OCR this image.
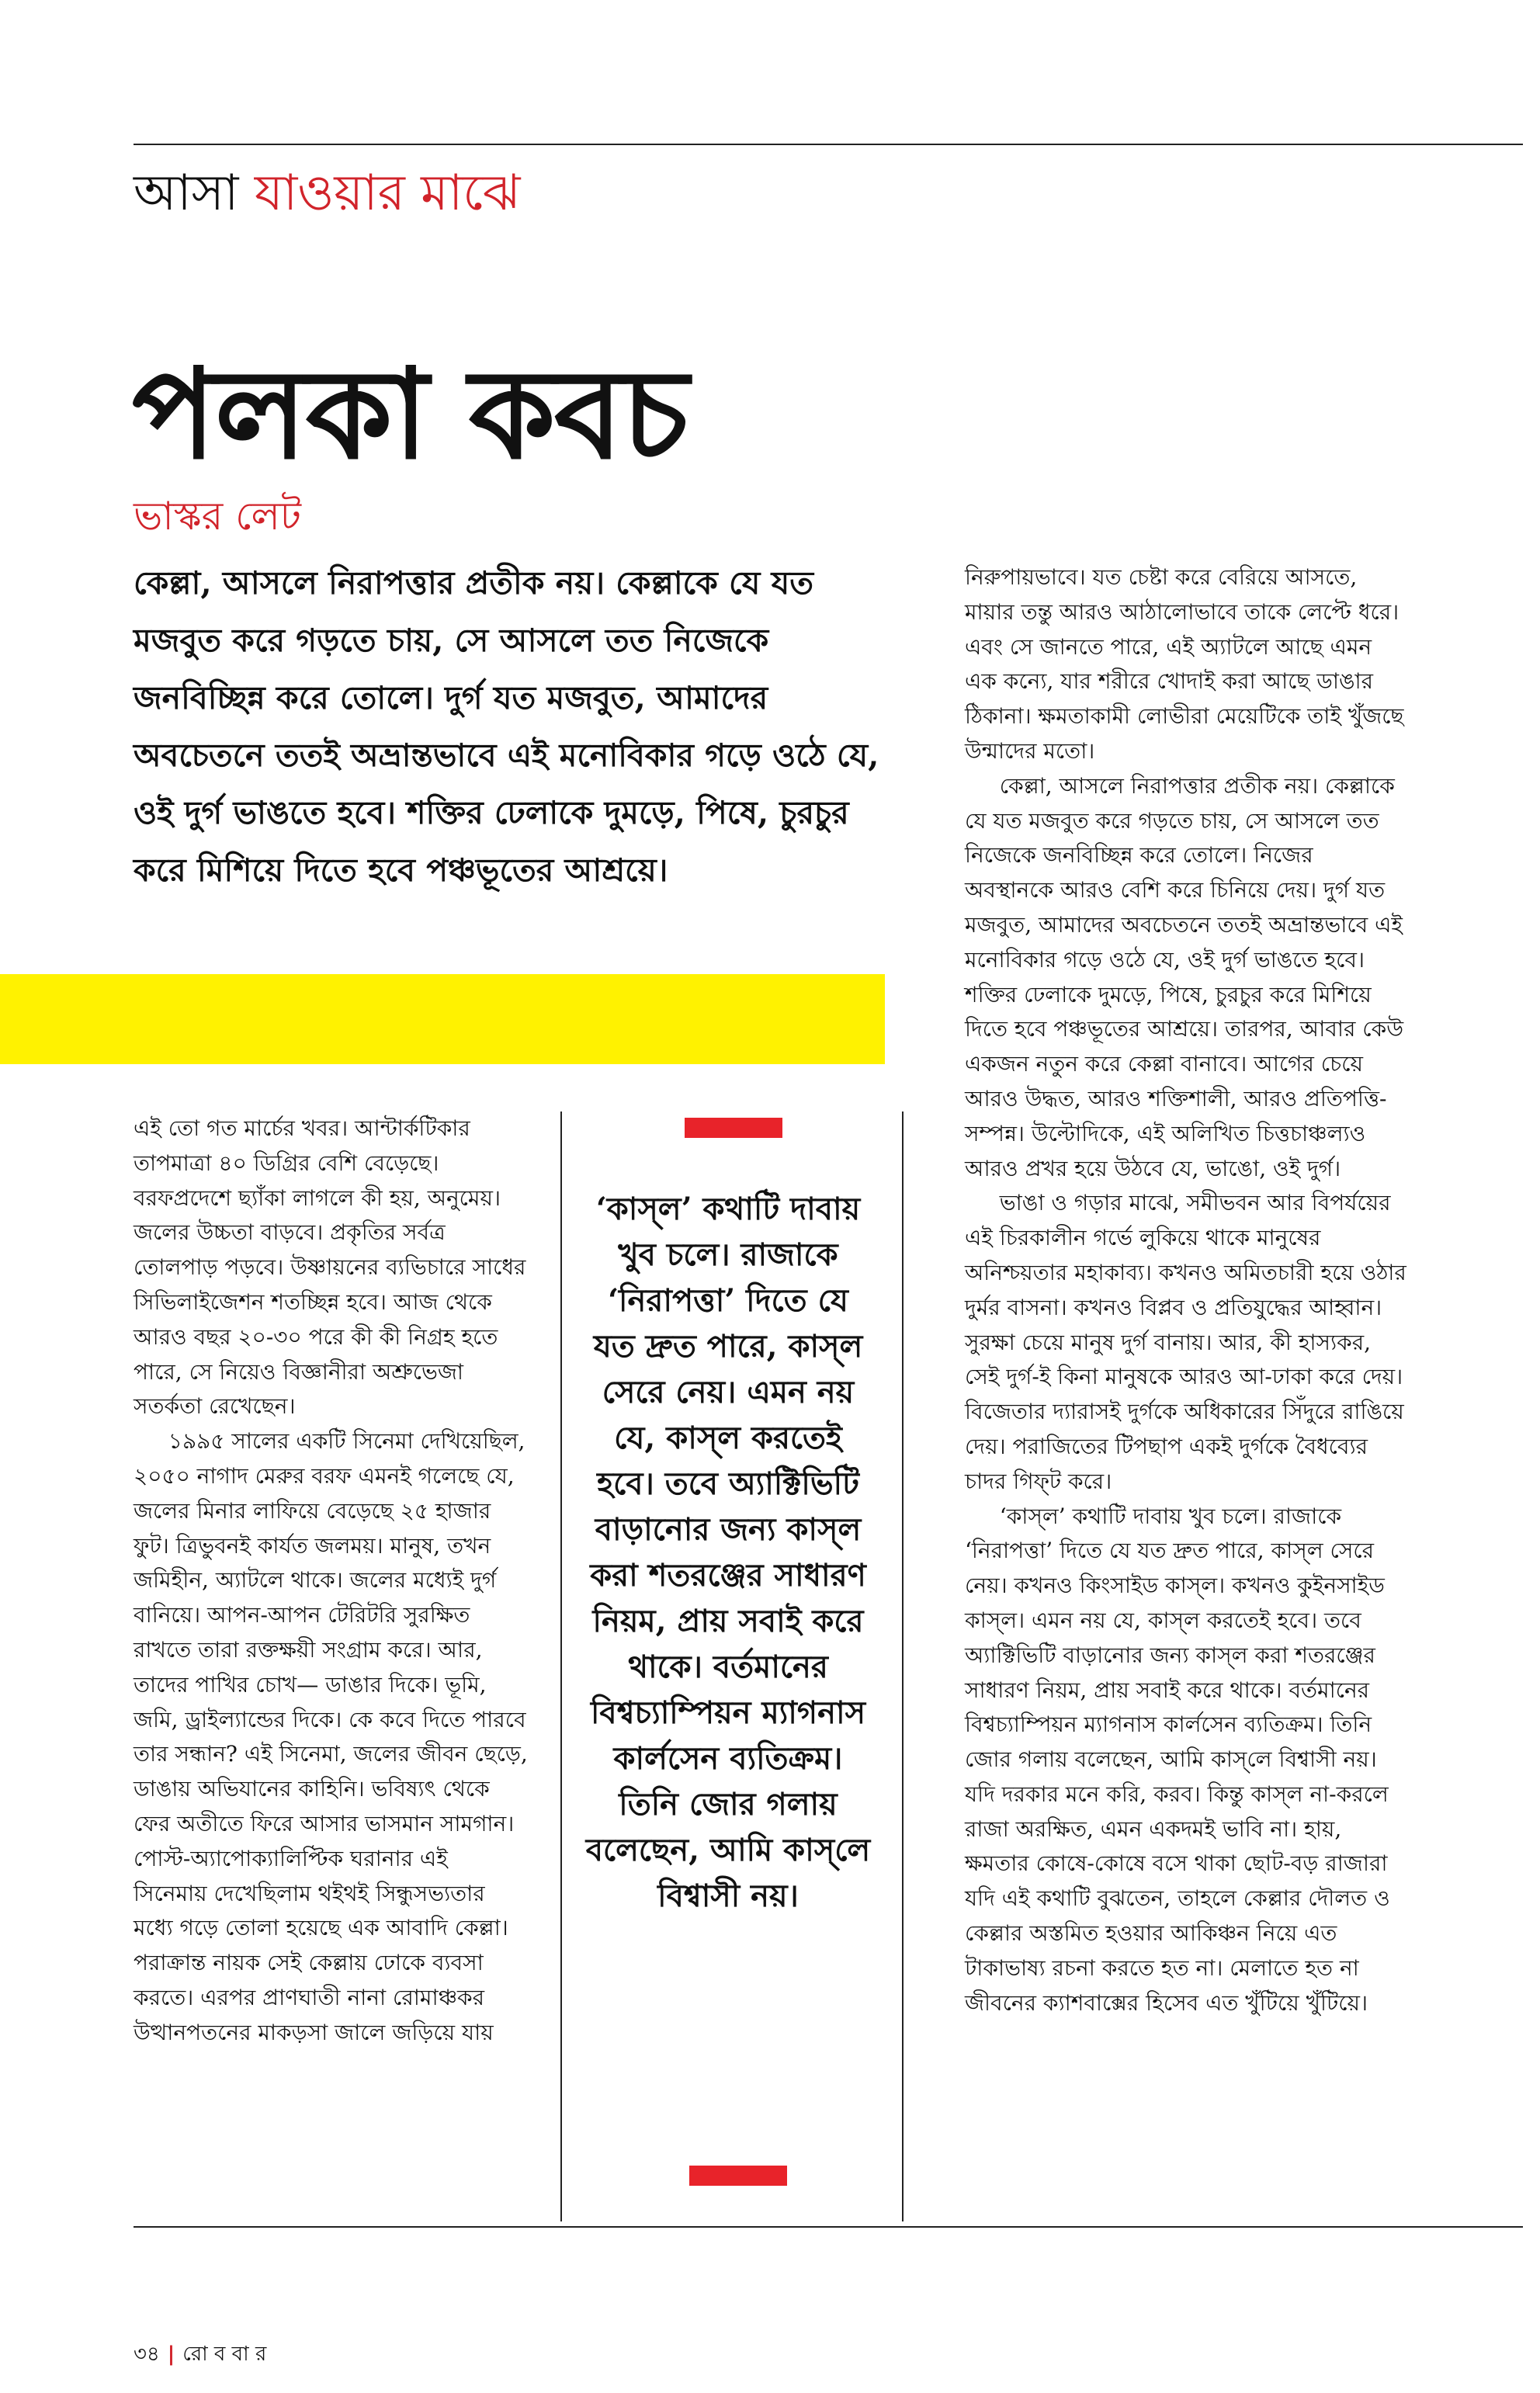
আসা যাওয়ার মাঝে
পলকা কবচ
ভাস্কর লেট

কেল্লা, আসলে নিরাপত্তার প্রতীক নয়। কেল্লাকে যে যত মজবুত করে গড়তে চায়, সে আসলে তত নিজেকে জনবিচ্ছিন্ন করে তোলে। দুর্গ যত মজবুত, আমাদের অবচেতনে ততই অভ্রান্তভাবে এই মনোবিকার গড়ে ওঠে যে, ওই দুর্গ ভাঙতে হবে। শক্তির ঢেলাকে দুমড়ে, পিষে, চুরচুর করে মিশিয়ে দিতে হবে পঞ্চভূতের আশ্রয়ে।

এই তো গত মার্চের খবর। আন্টার্কটিকার তাপমাত্রা ৪০ ডিগ্রির বেশি বেড়েছে। বরফপ্রদেশে ছ্যাঁকা লাগলে কী হয়, অনুমেয়। জলের উচ্চতা বাড়বে। প্রকৃতির সর্বত্র তোলপাড় পড়বে। উষ্ণায়নের ব্যভিচারে সাধের সিভিলাইজেশন শতচ্ছিন্ন হবে। আজ থেকে আরও বছর ২০-৩০ পরে কী কী নিগ্রহ হতে পারে, সে নিয়েও বিজ্ঞানীরা অশ্রুভেজা সতর্কতা রেখেছেন।

১৯৯৫ সালের একটি সিনেমা দেখিয়েছিল, ২০৫০ নাগাদ মেরুর বরফ এমনই গলেছে যে, জলের মিনার লাফিয়ে বেড়েছে ২৫ হাজার ফুট। ত্রিভুবনই কার্যত জলময়। মানুষ, তখন জমিহীন, অ্যাটলে থাকে। জলের মধ্যেই দুর্গ বানিয়ে। আপন-আপন টেরিটরি সুরক্ষিত রাখতে তারা রক্তক্ষয়ী সংগ্রাম করে। আর, তাদের পাখির চোখ— ডাঙার দিকে। ভূমি, জমি, ড্রাইল্যান্ডের দিকে। কে কবে দিতে পারবে তার সন্ধান? এই সিনেমা, জলের জীবন ছেড়ে, ডাঙায় অভিযানের কাহিনি। ভবিষ্যৎ থেকে ফের অতীতে ফিরে আসার ভাসমান সামগান। পোস্ট-অ্যাপোক্যালিপ্টিক ঘরানার এই সিনেমায় দেখেছিলাম থইথই সিন্ধুসভ্যতার মধ্যে গড়ে তোলা হয়েছে এক আবাদি কেল্লা। পরাক্রান্ত নায়ক সেই কেল্লায় ঢোকে ব্যবসা করতে। এরপর প্রাণঘাতী নানা রোমাঞ্চকর উত্থানপতনের মাকড়সা জালে জড়িয়ে যায়

‘কাস্‌ল’ কথাটি দাবায় খুব চলে। রাজাকে ‘নিরাপত্তা’ দিতে যে যত দ্রুত পারে, কাস্‌ল সেরে নেয়। এমন নয় যে, কাস্‌ল করতেই হবে। তবে অ্যাক্টিভিটি বাড়ানোর জন্য কাস্‌ল করা শতরঞ্জের সাধারণ নিয়ম, প্রায় সবাই করে থাকে। বর্তমানের বিশ্বচ্যাম্পিয়ন ম্যাগনাস কার্লসেন ব্যতিক্রম। তিনি জোর গলায় বলেছেন, আমি কাস্‌লে বিশ্বাসী নয়।

নিরুপায়ভাবে। যত চেষ্টা করে বেরিয়ে আসতে, মায়ার তন্তু আরও আঠালোভাবে তাকে লেপ্টে ধরে। এবং সে জানতে পারে, এই অ্যাটলে আছে এমন এক কন্যে, যার শরীরে খোদাই করা আছে ডাঙার ঠিকানা। ক্ষমতাকামী লোভীরা মেয়েটিকে তাই খুঁজছে উন্মাদের মতো।

কেল্লা, আসলে নিরাপত্তার প্রতীক নয়। কেল্লাকে যে যত মজবুত করে গড়তে চায়, সে আসলে তত নিজেকে জনবিচ্ছিন্ন করে তোলে। নিজের অবস্থানকে আরও বেশি করে চিনিয়ে দেয়। দুর্গ যত মজবুত, আমাদের অবচেতনে ততই অভ্রান্তভাবে এই মনোবিকার গড়ে ওঠে যে, ওই দুর্গ ভাঙতে হবে। শক্তির ঢেলাকে দুমড়ে, পিষে, চুরচুর করে মিশিয়ে দিতে হবে পঞ্চভূতের আশ্রয়ে। তারপর, আবার কেউ একজন নতুন করে কেল্লা বানাবে। আগের চেয়ে আরও উদ্ধত, আরও শক্তিশালী, আরও প্রতিপত্তি-সম্পন্ন। উল্টোদিকে, এই অলিখিত চিত্তচাঞ্চল্যও আরও প্রখর হয়ে উঠবে যে, ভাঙো, ওই দুর্গ।

ভাঙা ও গড়ার মাঝে, সমীভবন আর বিপর্যয়ের এই চিরকালীন গর্ভে লুকিয়ে থাকে মানুষের অনিশ্চয়তার মহাকাব্য। কখনও অমিতচারী হয়ে ওঠার দুর্মর বাসনা। কখনও বিপ্লব ও প্রতিযুদ্ধের আহ্বান। সুরক্ষা চেয়ে মানুষ দুর্গ বানায়। আর, কী হাস্যকর, সেই দুর্গ-ই কিনা মানুষকে আরও আ-ঢাকা করে দেয়। বিজেতার দ্যারাসই দুর্গকে অধিকারের সিঁদুরে রাঙিয়ে দেয়। পরাজিতের টিপছাপ একই দুর্গকে বৈধব্যের চাদর গিফ্‌ট করে।

‘কাস্‌ল’ কথাটি দাবায় খুব চলে। রাজাকে ‘নিরাপত্তা’ দিতে যে যত দ্রুত পারে, কাস্‌ল সেরে নেয়। কখনও কিংসাইড কাস্‌ল। কখনও কুইনসাইড কাস্‌ল। এমন নয় যে, কাস্‌ল করতেই হবে। তবে অ্যাক্টিভিটি বাড়ানোর জন্য কাস্‌ল করা শতরঞ্জের সাধারণ নিয়ম, প্রায় সবাই করে থাকে। বর্তমানের বিশ্বচ্যাম্পিয়ন ম্যাগনাস কার্লসেন ব্যতিক্রম। তিনি জোর গলায় বলেছেন, আমি কাস্‌লে বিশ্বাসী নয়। যদি দরকার মনে করি, করব। কিন্তু কাস্‌ল না-করলে রাজা অরক্ষিত, এমন একদমই ভাবি না। হায়, ক্ষমতার কোষে-কোষে বসে থাকা ছোট-বড় রাজারা যদি এই কথাটি বুঝতেন, তাহলে কেল্লার দৌলত ও কেল্লার অস্তমিত হওয়ার আকিঞ্চন নিয়ে এত টাকাভাষ্য রচনা করতে হত না। মেলাতে হত না জীবনের ক্যাশবাক্সের হিসেব এত খুঁটিয়ে খুঁটিয়ে।

৩৪ | রো ব বা র
